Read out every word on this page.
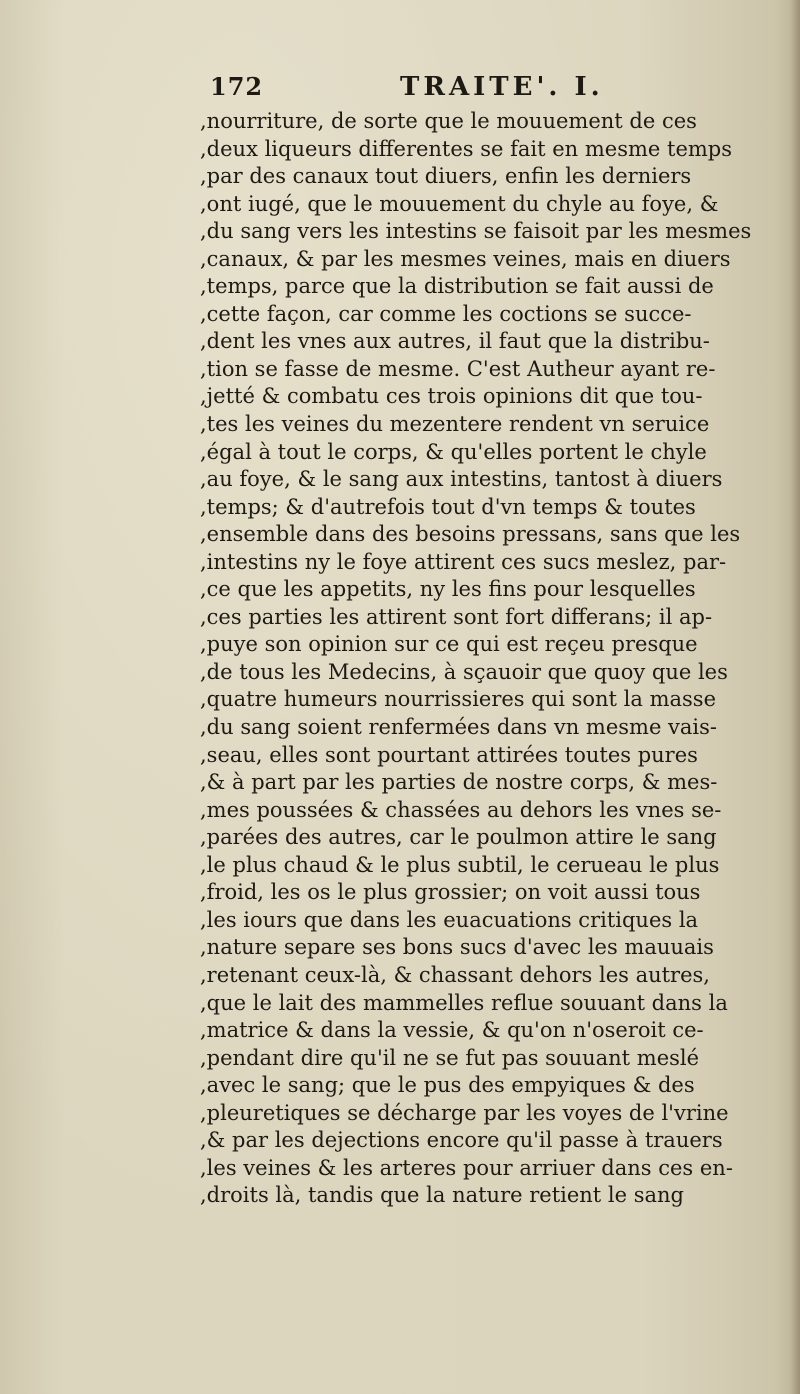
172	TRAITE'. I.
,nourriture, de sorte que le mouuement de ces
,deux liqueurs differentes se fait en mesme temps
,par des canaux tout diuers, enfin les derniers
,ont iugé, que le mouuement du chyle au foye, &
,du sang vers les intestins se faisoit par les mesmes
,canaux, & par les mesmes veines, mais en diuers
,temps, parce que la distribution se fait aussi de
,cette façon, car comme les coctions se succe-
,dent les vnes aux autres, il faut que la distribu-
,tion se fasse de mesme. C'est Autheur ayant re-
,jetté & combatu ces trois opinions dit que tou-
,tes les veines du mezentere rendent vn seruice
,égal à tout le corps, & qu'elles portent le chyle
,au foye, & le sang aux intestins, tantost à diuers
,temps; & d'autrefois tout d'vn temps & toutes
,ensemble dans des besoins pressans, sans que les
,intestins ny le foye attirent ces sucs meslez, par-
,ce que les appetits, ny les fins pour lesquelles
,ces parties les attirent sont fort differans; il ap-
,puye son opinion sur ce qui est reçeu presque
,de tous les Medecins, à sçauoir que quoy que les
,quatre humeurs nourrissieres qui sont la masse
,du sang soient renfermées dans vn mesme vais-
,seau, elles sont pourtant attirées toutes pures
,& à part par les parties de nostre corps, & mes-
,mes poussées & chassées au dehors les vnes se-
,parées des autres, car le poulmon attire le sang
,le plus chaud & le plus subtil, le cerueau le plus
,froid, les os le plus grossier; on voit aussi tous
,les iours que dans les euacuations critiques la
,nature separe ses bons sucs d'avec les mauuais
,retenant ceux-là, & chassant dehors les autres,
,que le lait des mammelles reflue souuant dans la
,matrice & dans la vessie, & qu'on n'oseroit ce-
,pendant dire qu'il ne se fut pas souuant meslé
,avec le sang; que le pus des empyiques & des
,pleuretiques se décharge par les voyes de l'vrine
,& par les dejections encore qu'il passe à trauers
,les veines & les arteres pour arriuer dans ces en-
,droits là, tandis que la nature retient le sang
